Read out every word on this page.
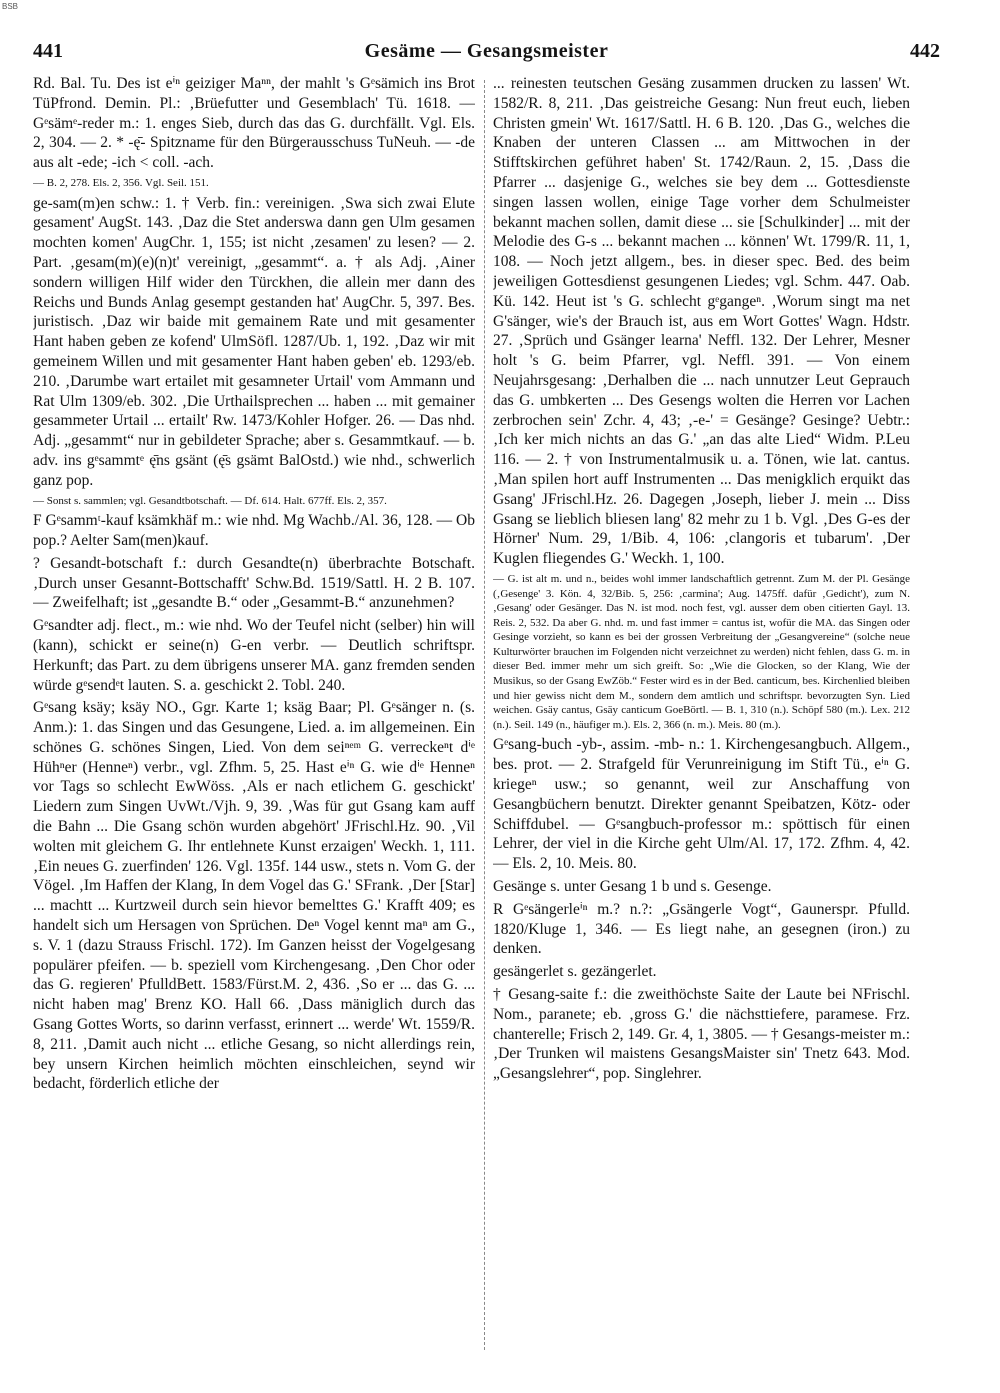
BSB
441	Gesäme — Gesangsmeister	442

Rd. Bal. Tu. Des ist eⁱⁿ geiziger Maⁿⁿ, der mahlt 's Gᵉsämich ins Brot TüPfrond. Demin. Pl.: ‚Brüefutter und Gesemblach' Tü. 1618. — Gᵉsämᵉ-reder m.: 1. enges Sieb, durch das das G. durchfällt. Vgl. Els. 2, 304. — 2. * -ę̄- Spitzname für den Bürgerausschuss TuNeuh. — -de aus alt -ede; -ich < coll. -ach.

— B. 2, 278. Els. 2, 356. Vgl. Seil. 151.

ge-sam(m)en schw.: 1. † Verb. fin.: vereinigen. ‚Swa sich zwai Elute gesament' AugSt. 143. ‚Daz die Stet anderswa dann gen Ulm gesamen mochten komen' AugChr. 1, 155; ist nicht ‚zesamen' zu lesen? — 2. Part. ‚gesam(m)(e)(n)t' vereinigt, „gesammt“. a. † als Adj. ‚Ainer sondern willigen Hilf wider den Türckhen, die allein mer dann des Reichs und Bunds Anlag gesempt gestanden hat' AugChr. 5, 397. Bes. juristisch. ‚Daz wir baide mit gemainem Rate und mit gesamenter Hant haben geben ze kofend' UlmSöfl. 1287/Ub. 1, 192. ‚Daz wir mit gemeinem Willen und mit gesamenter Hant haben geben' eb. 1293/eb. 210. ‚Darumbe wart ertailet mit gesamneter Urtail' vom Ammann und Rat Ulm 1309/eb. 302. ‚Die Urthailsprechen ... haben ... mit gemainer gesammeter Urtail ... ertailt' Rw. 1473/Kohler Hofger. 26. — Das nhd. Adj. „gesammt“ nur in gebildeter Sprache; aber s. Gesammtkauf. — b. adv. ins gᵉsammtᵉ ę̄ns gsänt (ę̄s gsämt BalOstd.) wie nhd., schwerlich ganz pop.

— Sonst s. sammlen; vgl. Gesandtbotschaft. — Df. 614. Halt. 677ff. Els. 2, 357.

F Gᵉsammᵗ-kauf ksämkhäf m.: wie nhd. Mg Wachb./Al. 36, 128. — Ob pop.? Aelter Sam(men)kauf.

? Gesandt-botschaft f.: durch Gesandte(n) überbrachte Botschaft. ‚Durch unser Gesannt-Bottschafft' Schw.Bd. 1519/Sattl. H. 2 B. 107. — Zweifelhaft; ist „gesandte B.“ oder „Gesammt-B.“ anzunehmen?

Gᵉsandter adj. flect., m.: wie nhd. Wo der Teufel nicht (selber) hin will (kann), schickt er seine(n) G-en verbr. — Deutlich schriftspr. Herkunft; das Part. zu dem übrigens unserer MA. ganz fremden senden würde gᵉsendᵉt lauten. S. a. geschickt 2. Tobl. 240.

Gᵉsang ksäy; ksäy NO., Ggr. Karte 1; ksäg Baar; Pl. Gᵉsänger n. (s. Anm.): 1. das Singen und das Gesungene, Lied. a. im allgemeinen. Ein schönes G. schönes Singen, Lied. Von dem seiⁿᵉᵐ G. verreckeⁿt dⁱᵉ Hühⁿer (Henneⁿ) verbr., vgl. Zfhm. 5, 25. Hast eⁱⁿ G. wie dⁱᵉ Henneⁿ vor Tags so schlecht EwWöss. ‚Als er nach etlichem G. geschickt' Liedern zum Singen UvWt./Vjh. 9, 39. ‚Was für gut Gsang kam auff die Bahn ... Die Gsang schön wurden abgehört' JFrischl.Hz. 90. ‚Vil wolten mit gleichem G. Ihr entlehnete Kunst erzaigen' Weckh. 1, 111. ‚Ein neues G. zuerfinden' 126. Vgl. 135f. 144 usw., stets n. Vom G. der Vögel. ‚Im Haffen der Klang, In dem Vogel das G.' SFrank. ‚Der [Star] ... machtt ... Kurtzweil durch sein hievor bemelttes G.' Krafft 409; es handelt sich um Hersagen von Sprüchen. Deⁿ Vogel kennt maⁿ am G., s. V. 1 (dazu Strauss Frischl. 172). Im Ganzen heisst der Vogelgesang populärer pfeifen. — b. speziell vom Kirchengesang. ‚Den Chor oder das G. regieren' PfulldBett. 1583/Fürst.M. 2, 436. ‚So er ... das G. ... nicht haben mag' Brenz KO. Hall 66. ‚Dass mäniglich durch das Gsang Gottes Worts, so darinn verfasst, erinnert ... werde' Wt. 1559/R. 8, 211. ‚Damit auch nicht ... etliche Gesang, so nicht allerdings rein, bey unsern Kirchen heimlich möchten einschleichen, seynd wir bedacht, förderlich etliche der

... reinesten teutschen Gesäng zusammen drucken zu lassen' Wt. 1582/R. 8, 211. ‚Das geistreiche Gesang: Nun freut euch, lieben Christen gmein' Wt. 1617/Sattl. H. 6 B. 120. ‚Das G., welches die Knaben der unteren Classen ... am Mittwochen in der Stifftskirchen geführet haben' St. 1742/Raun. 2, 15. ‚Dass die Pfarrer ... dasjenige G., welches sie bey dem ... Gottesdienste singen lassen wollen, einige Tage vorher dem Schulmeister bekannt machen sollen, damit diese ... sie [Schulkinder] ... mit der Melodie des G-s ... bekannt machen ... können' Wt. 1799/R. 11, 1, 108. — Noch jetzt allgem., bes. in dieser spec. Bed. des beim jeweiligen Gottesdienst gesungenen Liedes; vgl. Schm. 447. Oab. Kü. 142. Heut ist 's G. schlecht gᵉgangeⁿ. ‚Worum singt ma net G'sänger, wie's der Brauch ist, aus em Wort Gottes' Wagn. Hdstr. 27. ‚Sprüch und Gsänger learna' Neffl. 132. Der Lehrer, Mesner holt 's G. beim Pfarrer, vgl. Neffl. 391. — Von einem Neujahrsgesang: ‚Derhalben die ... nach unnutzer Leut Geprauch das G. umbkerten ... Des Gesengs wolten die Herren vor Lachen zerbrochen sein' Zchr. 4, 43; ‚-e-' = Gesänge? Gesinge? Uebtr.: ‚Ich ker mich nichts an das G.' „an das alte Lied“ Widm. P.Leu 116. — 2. † von Instrumentalmusik u. a. Tönen, wie lat. cantus. ‚Man spilen hort auff Instrumenten ... Das menigklich erquikt das Gsang' JFrischl.Hz. 26. Dagegen ‚Joseph, lieber J. mein ... Diss Gsang se lieblich bliesen lang' 82 mehr zu 1 b. Vgl. ‚Des G-es der Hörner' Num. 29, 1/Bib. 4, 106: ‚clangoris et tubarum'. ‚Der Kuglen fliegendes G.' Weckh. 1, 100.

— G. ist alt m. und n., beides wohl immer landschaftlich getrennt. Zum M. der Pl. Gesänge (‚Gesenge' 3. Kön. 4, 32/Bib. 5, 256: ‚carmina'; Aug. 1475ff. dafür ‚Gedicht'), zum N. ‚Gesang' oder Gesänger. Das N. ist mod. noch fest, vgl. ausser dem oben citierten Gayl. 13. Reis. 2, 532. Da aber G. nhd. m. und fast immer = cantus ist, wofür die MA. das Singen oder Gesinge vorzieht, so kann es bei der grossen Verbreitung der „Gesangvereine“ (solche neue Kulturwörter brauchen im Folgenden nicht verzeichnet zu werden) nicht fehlen, dass G. m. in dieser Bed. immer mehr um sich greift. So: „Wie die Glocken, so der Klang, Wie der Musikus, so der Gsang EwZöb.“ Fester wird es in der Bed. canticum, bes. Kirchenlied bleiben und hier gewiss nicht dem M., sondern dem amtlich und schriftspr. bevorzugten Syn. Lied weichen. Gsäy cantus, Gsäy canticum GoeBörtl. — B. 1, 310 (n.). Schöpf 580 (m.). Lex. 212 (n.). Seil. 149 (n., häufiger m.). Els. 2, 366 (n. m.). Meis. 80 (m.).

Gᵉsang-buch -yb-, assim. -mb- n.: 1. Kirchengesangbuch. Allgem., bes. prot. — 2. Strafgeld für Verunreinigung im Stift Tü., eⁱⁿ G. kriegeⁿ usw.; so genannt, weil zur Anschaffung von Gesangbüchern benutzt. Direkter genannt Speibatzen, Kötz- oder Schiffdubel. — Gᵉsangbuch-professor m.: spöttisch für einen Lehrer, der viel in die Kirche geht Ulm/Al. 17, 172. Zfhm. 4, 42. — Els. 2, 10. Meis. 80.

Gesänge s. unter Gesang 1 b und s. Gesenge.

R Gᵉsängerleⁱⁿ m.? n.?: „Gsängerle Vogt“, Gaunerspr. Pfulld. 1820/Kluge 1, 346. — Es liegt nahe, an gesegnen (iron.) zu denken.

gesängerlet s. gezängerlet.

† Gesang-saite f.: die zweithöchste Saite der Laute bei NFrischl. Nom., paranete; eb. ‚gross G.' die nächsttiefere, paramese. Frz. chanterelle; Frisch 2, 149. Gr. 4, 1, 3805. — † Gesangs-meister m.: ‚Der Trunken wil maistens GesangsMaister sin' Tnetz 643. Mod. „Gesangslehrer“, pop. Singlehrer.
